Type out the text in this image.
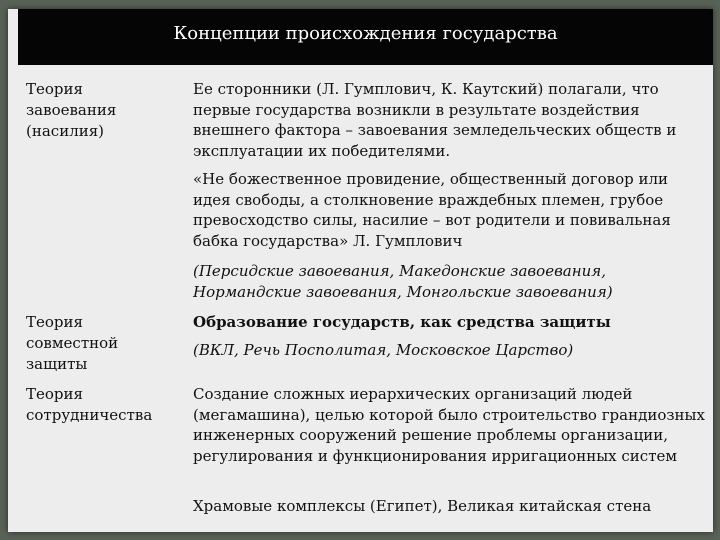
Концепции происхождения государства
Теория
завоевания
(насилия)
Ее сторонники (Л. Гумплович, К. Каутский) полагали, что первые государства возникли в результате воздействия внешнего фактора – завоевания земледельческих обществ и эксплуатации их победителями.
«Не божественное провидение, общественный договор или идея свободы, а столкновение враждебных племен, грубое превосходство силы, насилие – вот родители и повивальная бабка государства» Л. Гумплович
(Персидские завоевания, Македонские завоевания, Нормандские завоевания, Монгольские завоевания)
Теория
совместной
защиты
Образование государств, как средства защиты
(ВКЛ, Речь Посполитая, Московское Царство)
Теория
сотрудничества
Создание сложных иерархических организаций людей (мегамашина), целью которой было строительство грандиозных инженерных сооружений решение проблемы организации, регулирования и функционирования ирригационных систем
Храмовые комплексы (Египет), Великая китайская стена
